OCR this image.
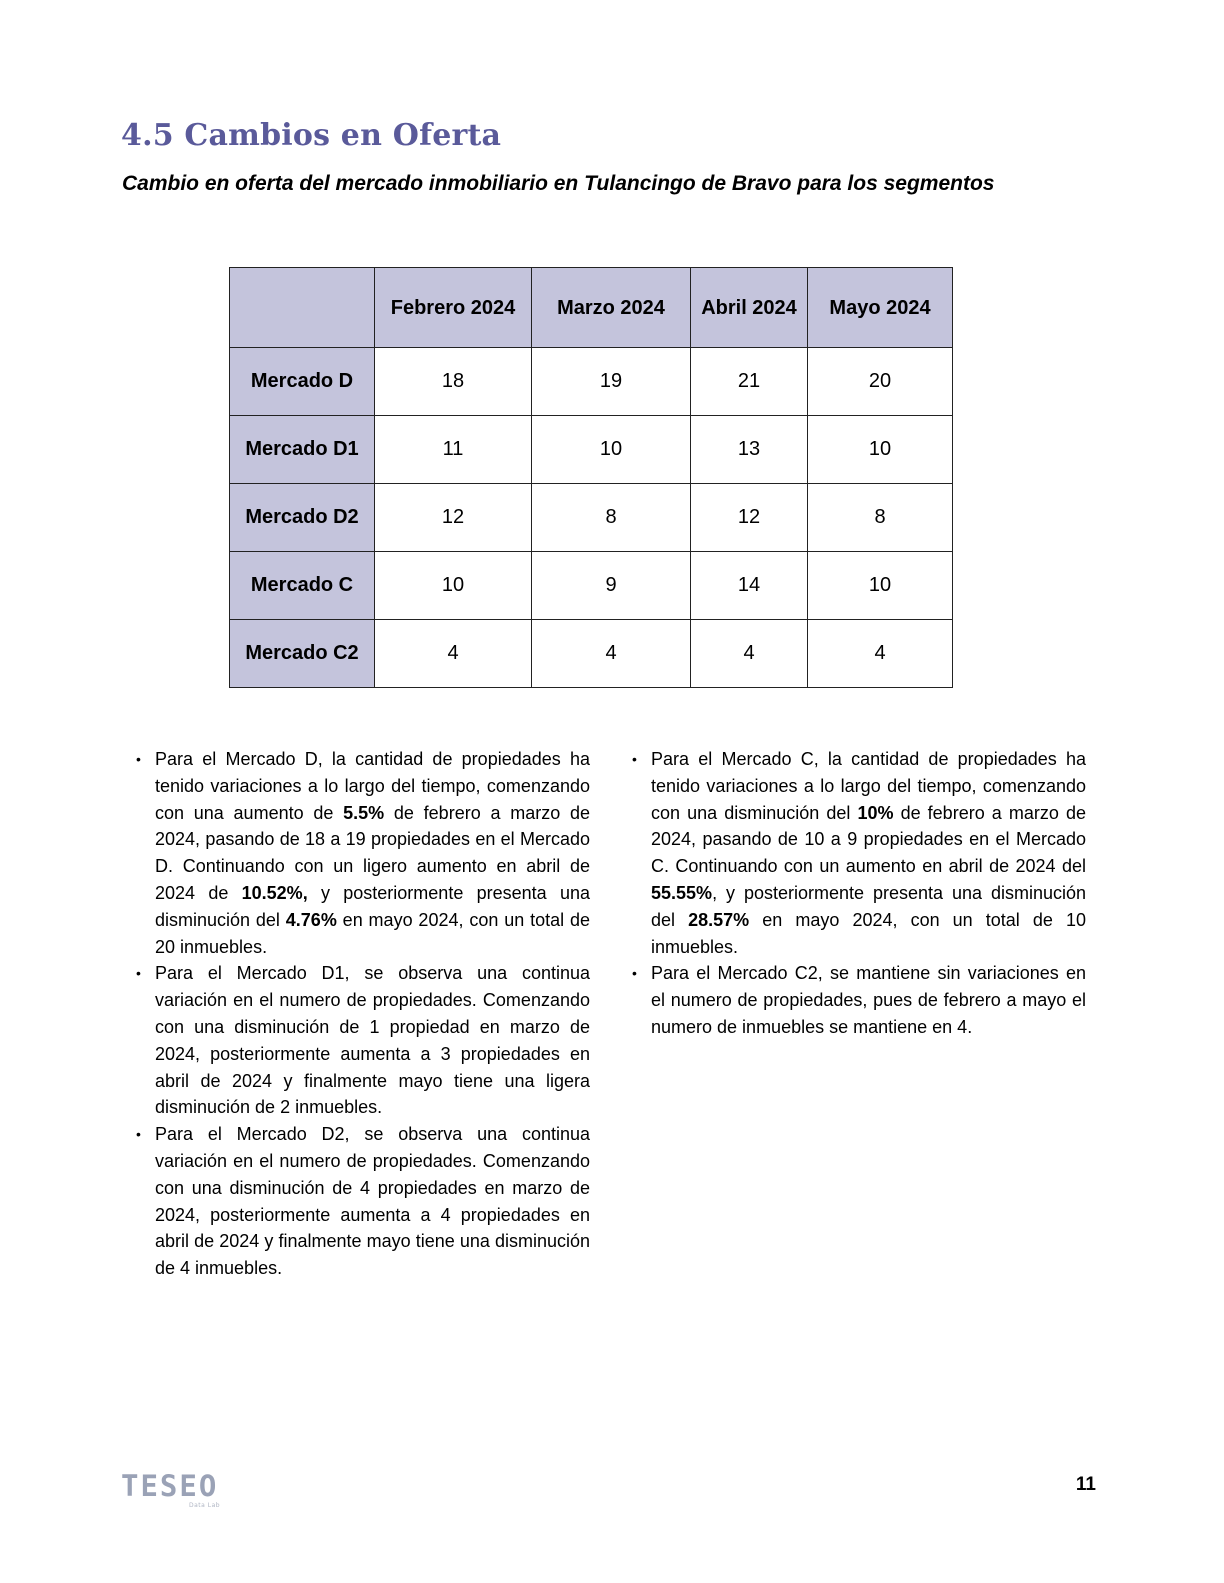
4.5 Cambios en Oferta

Cambio en oferta del mercado inmobiliario en Tulancingo de Bravo para los segmentos

	Febrero 2024	Marzo 2024	Abril 2024	Mayo 2024
Mercado D	18	19	21	20
Mercado D1	11	10	13	10
Mercado D2	12	8	12	8
Mercado C	10	9	14	10
Mercado C2	4	4	4	4
• Para el Mercado D, la cantidad de propiedades ha tenido variaciones a lo largo del tiempo, comenzando con una aumento de 5.5% de febrero a marzo de 2024, pasando de 18 a 19 propiedades en el Mercado D. Continuando con un ligero aumento en abril de 2024 de 10.52%, y posteriormente presenta una disminución del 4.76% en mayo 2024, con un total de 20 inmuebles.
• Para el Mercado D1, se observa una continua variación en el numero de propiedades. Comenzando con una disminución de 1 propiedad en marzo de 2024, posteriormente aumenta a 3 propiedades en abril de 2024 y finalmente mayo tiene una ligera disminución de 2 inmuebles.
• Para el Mercado D2, se observa una continua variación en el numero de propiedades. Comenzando con una disminución de 4 propiedades en marzo de 2024, posteriormente aumenta a 4 propiedades en abril de 2024 y finalmente mayo tiene una disminución de 4 inmuebles.
• Para el Mercado C, la cantidad de propiedades ha tenido variaciones a lo largo del tiempo, comenzando con una disminución del 10% de febrero a marzo de 2024, pasando de 10 a 9 propiedades en el Mercado C. Continuando con un aumento en abril de 2024 del 55.55%, y posteriormente presenta una disminución del 28.57% en mayo 2024, con un total de 10 inmuebles.
• Para el Mercado C2, se mantiene sin variaciones en el numero de propiedades, pues de febrero a mayo el numero de inmuebles se mantiene en 4.
TESEO
Data Lab
11
